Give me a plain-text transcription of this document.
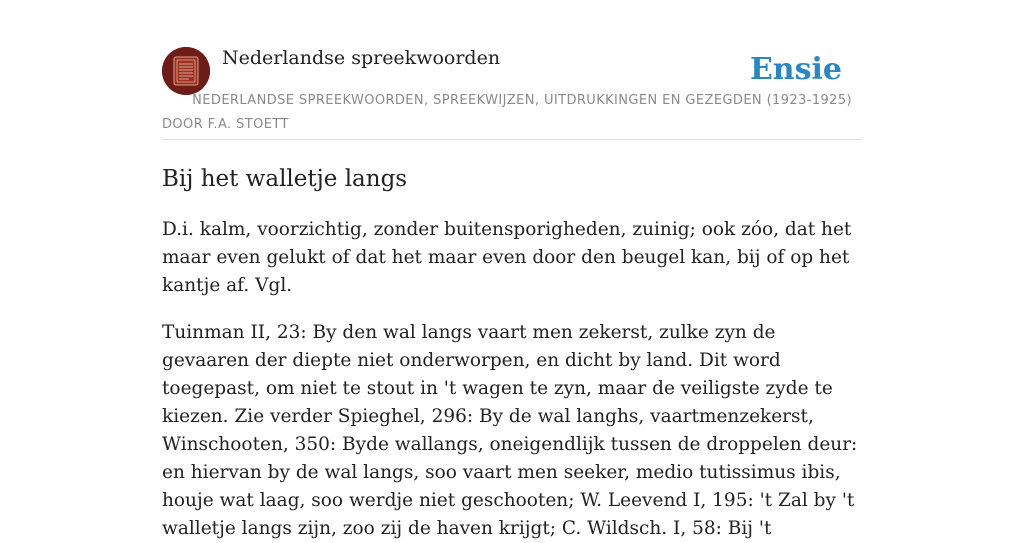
Nederlandse spreekwoorden	Ensie
NEDERLANDSE SPREEKWOORDEN, SPREEKWIJZEN, UITDRUKKINGEN EN GEZEGDEN (1923-1925)
DOOR F.A. STOETT
Bij het walletje langs

D.i. kalm, voorzichtig, zonder buitensporigheden, zuinig; ook zóo, dat het maar even gelukt of dat het maar even door den beugel kan, bij of op het kantje af. Vgl.

Tuinman II, 23: By den wal langs vaart men zekerst, zulke zyn de gevaaren der diepte niet onderworpen, en dicht by land. Dit word toegepast, om niet te stout in 't wagen te zyn, maar de veiligste zyde te kiezen. Zie verder Spieghel, 296: By de wal langhs, vaartmenzekerst, Winschooten, 350: Byde wallangs, oneigendlijk tussen de droppelen deur: en hiervan by de wal langs, soo vaart men seeker, medio tutissimus ibis, houje wat laag, soo werdje niet geschooten; W. Leevend I, 195: 't Zal by 't walletje langs zijn, zoo zij de haven krijgt; C. Wildsch. I, 58: Bij 't
